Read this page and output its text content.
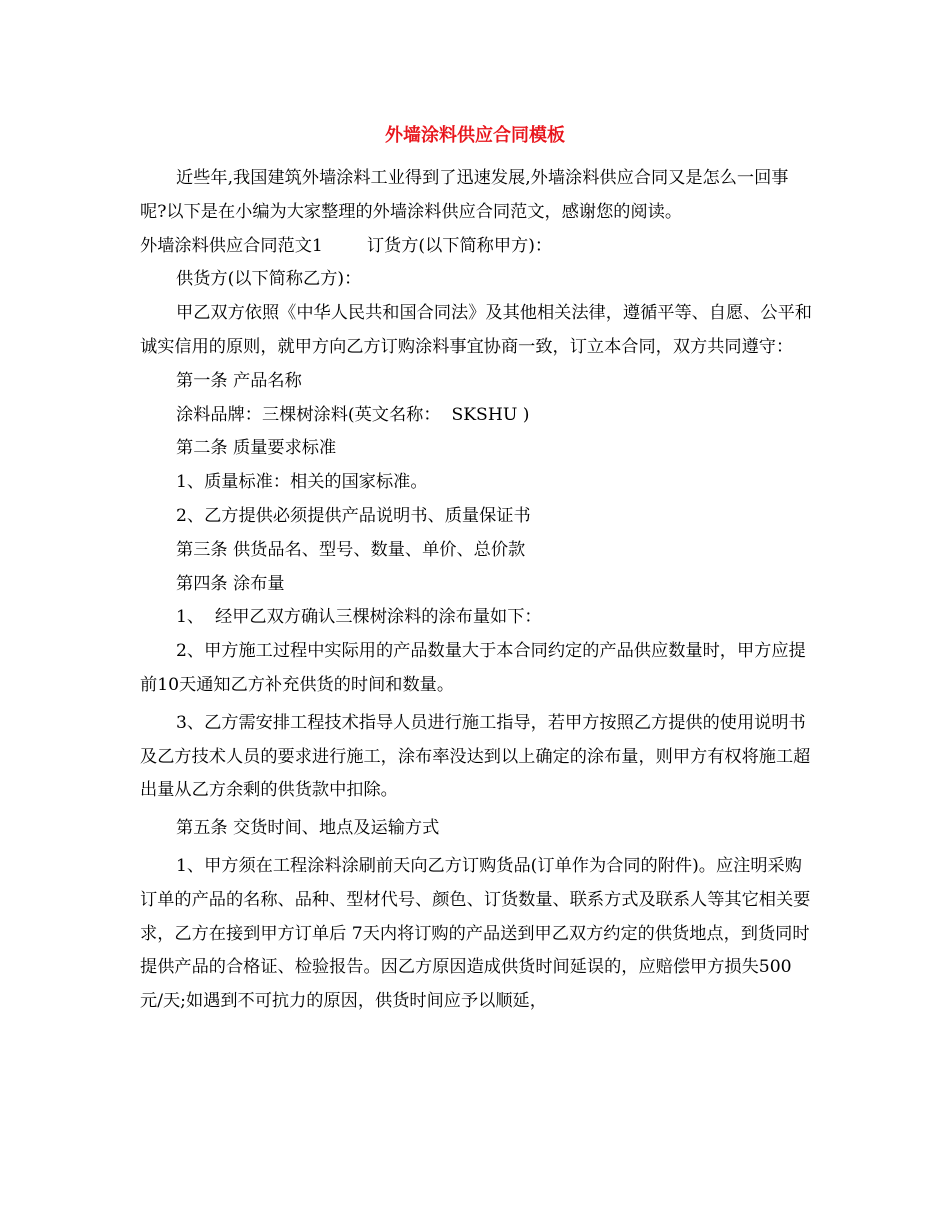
外墙涂料供应合同模板

近些年,我国建筑外墙涂料工业得到了迅速发展,外墙涂料供应合同又是怎么一回事呢?以下是在小编为大家整理的外墙涂料供应合同范文，感谢您的阅读。

外墙涂料供应合同范文1	订货方(以下简称甲方)：

供货方(以下简称乙方)：

甲乙双方依照《中华人民共和国合同法》及其他相关法律，遵循平等、自愿、公平和诚实信用的原则，就甲方向乙方订购涂料事宜协商一致，订立本合同，双方共同遵守：

第一条 产品名称

涂料品牌：三棵树涂料(英文名称：  SKSHU )

第二条 质量要求标准

1、质量标准：相关的国家标准。

2、乙方提供必须提供产品说明书、质量保证书

第三条 供货品名、型号、数量、单价、总价款

第四条 涂布量

1、  经甲乙双方确认三棵树涂料的涂布量如下：

2、甲方施工过程中实际用的产品数量大于本合同约定的产品供应数量时，甲方应提前10天通知乙方补充供货的时间和数量。

3、乙方需安排工程技术指导人员进行施工指导，若甲方按照乙方提供的使用说明书及乙方技术人员的要求进行施工，涂布率没达到以上确定的涂布量，则甲方有权将施工超出量从乙方余剩的供货款中扣除。

第五条 交货时间、地点及运输方式

1、甲方须在工程涂料涂刷前天向乙方订购货品(订单作为合同的附件)。应注明采购订单的产品的名称、品种、型材代号、颜色、订货数量、联系方式及联系人等其它相关要求，乙方在接到甲方订单后 7天内将订购的产品送到甲乙双方约定的供货地点，到货同时提供产品的合格证、检验报告。因乙方原因造成供货时间延误的，应赔偿甲方损失500元/天;如遇到不可抗力的原因，供货时间应予以顺延，
